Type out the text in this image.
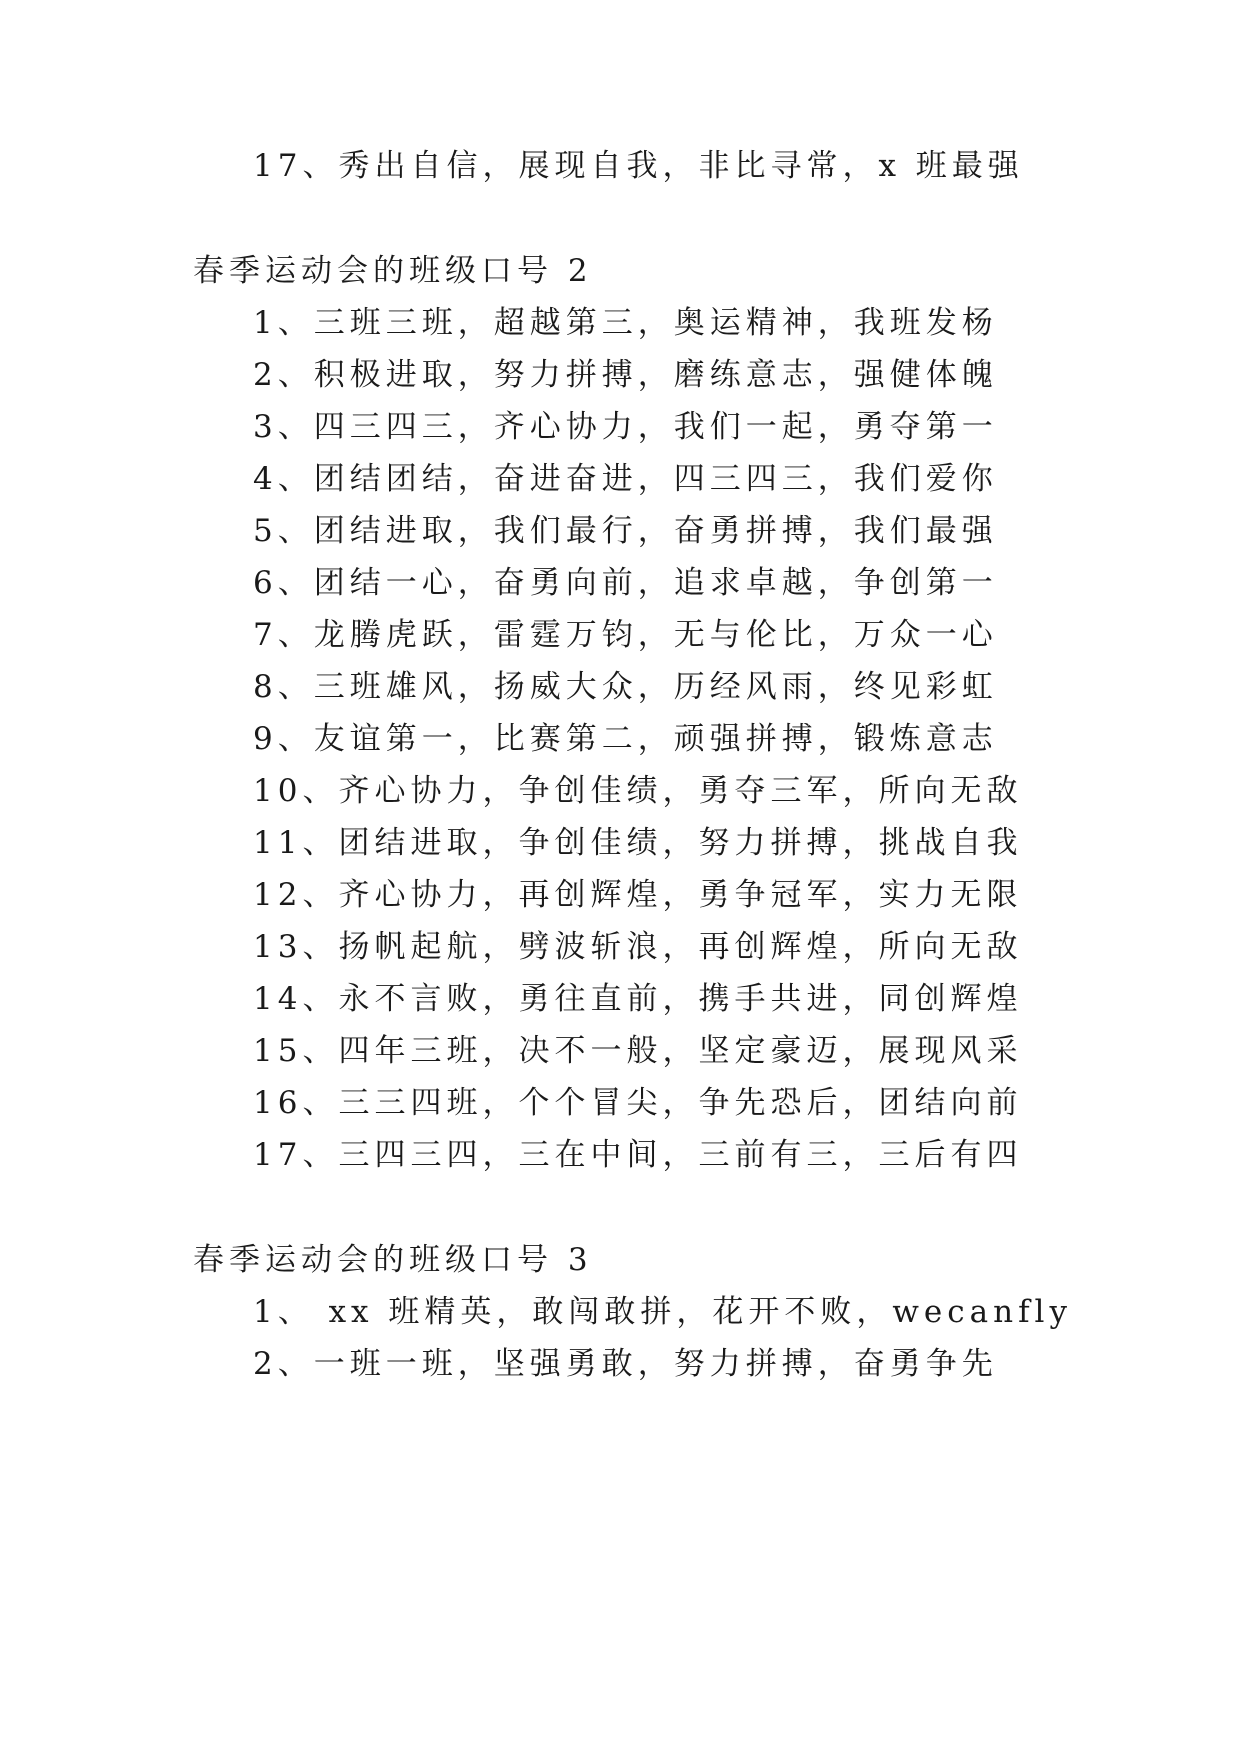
17、秀出自信，展现自我，非比寻常，x 班最强
春季运动会的班级口号 2
1、三班三班，超越第三，奥运精神，我班发杨
2、积极进取，努力拼搏，磨练意志，强健体魄
3、四三四三，齐心协力，我们一起，勇夺第一
4、团结团结，奋进奋进，四三四三，我们爱你
5、团结进取，我们最行，奋勇拼搏，我们最强
6、团结一心，奋勇向前，追求卓越，争创第一
7、龙腾虎跃，雷霆万钧，无与伦比，万众一心
8、三班雄风，扬威大众，历经风雨，终见彩虹
9、友谊第一，比赛第二，顽强拼搏，锻炼意志
10、齐心协力，争创佳绩，勇夺三军，所向无敌
11、团结进取，争创佳绩，努力拼搏，挑战自我
12、齐心协力，再创辉煌，勇争冠军，实力无限
13、扬帆起航，劈波斩浪，再创辉煌，所向无敌
14、永不言败，勇往直前，携手共进，同创辉煌
15、四年三班，决不一般，坚定豪迈，展现风采
16、三三四班，个个冒尖，争先恐后，团结向前
17、三四三四，三在中间，三前有三，三后有四
春季运动会的班级口号 3
1、 xx 班精英，敢闯敢拼，花开不败，wecanfly
2、一班一班，坚强勇敢，努力拼搏，奋勇争先
